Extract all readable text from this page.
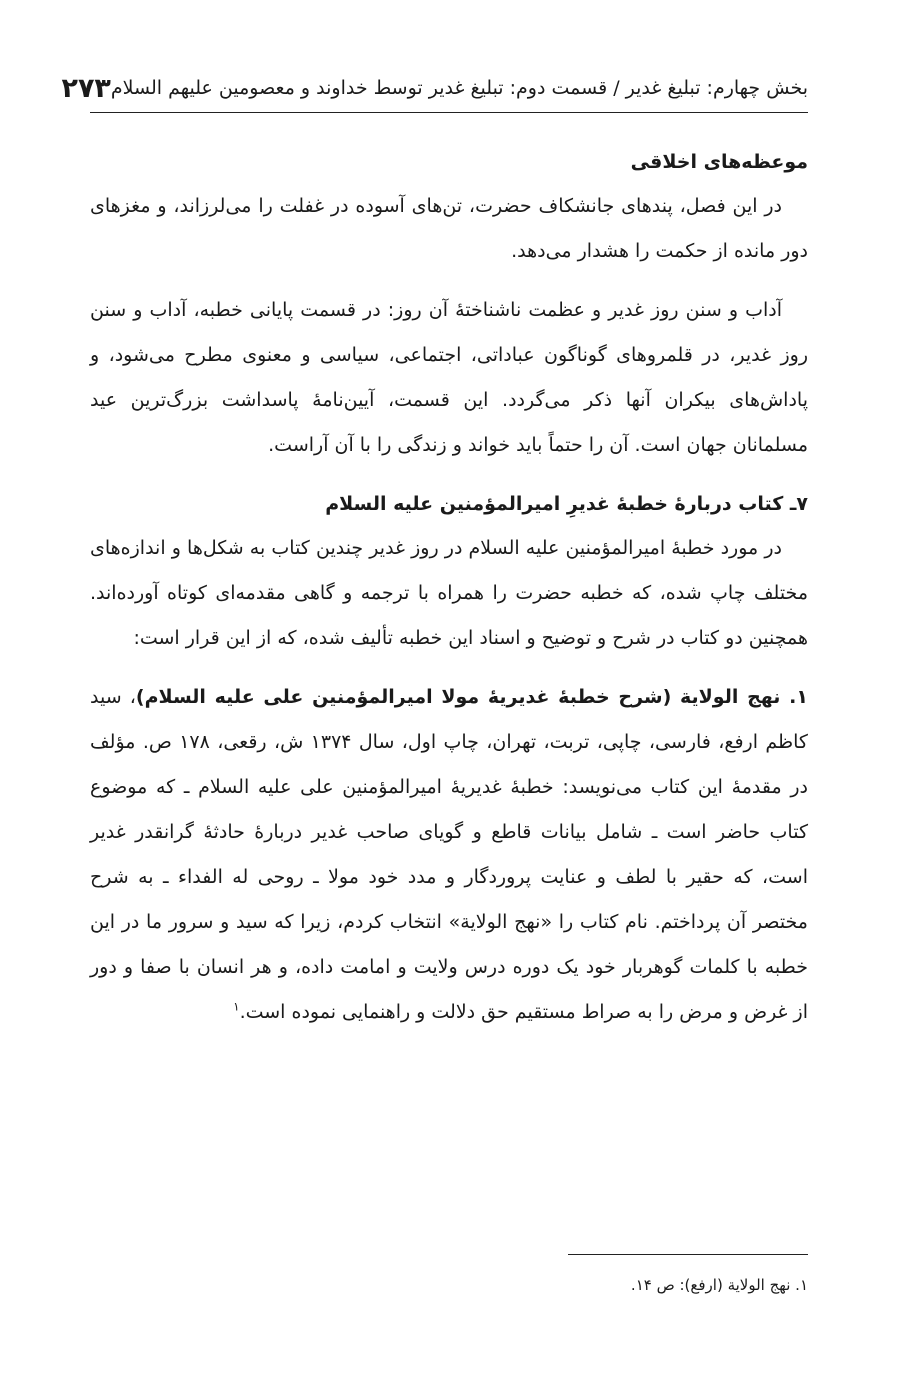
بخش چهارم: تبلیغ غدیر / قسمت دوم: تبلیغ غدیر توسط خداوند و معصومین علیهم السلام
۲۷۳
موعظه‌های اخلاقی

در این فصل، پندهای جانشکاف حضرت، تن‌های آسوده در غفلت را می‌لرزاند، و مغزهای دور مانده از حکمت را هشدار می‌دهد.

آداب و سنن روز غدیر و عظمت ناشناختهٔ آن روز: در قسمت پایانی خطبه، آداب و سنن روز غدیر، در قلمروهای گوناگون عباداتی، اجتماعی، سیاسی و معنوی مطرح می‌شود، و پاداش‌های بیکران آنها ذکر می‌گردد. این قسمت، آیین‌نامهٔ پاسداشت بزرگ‌ترین عید مسلمانان جهان است. آن را حتماً باید خواند و زندگی را با آن آراست.

۷ـ کتاب دربارهٔ خطبهٔ غدیرِ امیرالمؤمنین علیه السلام

در مورد خطبهٔ امیرالمؤمنین علیه السلام در روز غدیر چندین کتاب به شکل‌ها و اندازه‌های مختلف چاپ شده، که خطبه حضرت را همراه با ترجمه و گاهی مقدمه‌ای کوتاه آورده‌اند. همچنین دو کتاب در شرح و توضیح و اسناد این خطبه تألیف شده، که از این قرار است:

۱. نهج الولایة (شرح خطبهٔ غدیریهٔ مولا امیرالمؤمنین علی علیه السلام)، سید کاظم ارفع، فارسی، چاپی، تربت، تهران، چاپ اول، سال ۱۳۷۴ ش، رقعی، ۱۷۸ ص. مؤلف در مقدمهٔ این کتاب می‌نویسد: خطبهٔ غدیریهٔ امیرالمؤمنین علی علیه السلام ـ که موضوع کتاب حاضر است ـ شامل بیانات قاطع و گویای صاحب غدیر دربارهٔ حادثهٔ گرانقدر غدیر است، که حقیر با لطف و عنایت پروردگار و مدد خود مولا ـ روحی له الفداء ـ به شرح مختصر آن پرداختم. نام کتاب را «نهج الولایة» انتخاب کردم، زیرا که سید و سرور ما در این خطبه با کلمات گوهربار خود یک دوره درس ولایت و امامت داده، و هر انسان با صفا و دور از غرض و مرض را به صراط مستقیم حق دلالت و راهنمایی نموده است.$^۱$

۱. نهج الولایة (ارفع): ص ۱۴.
